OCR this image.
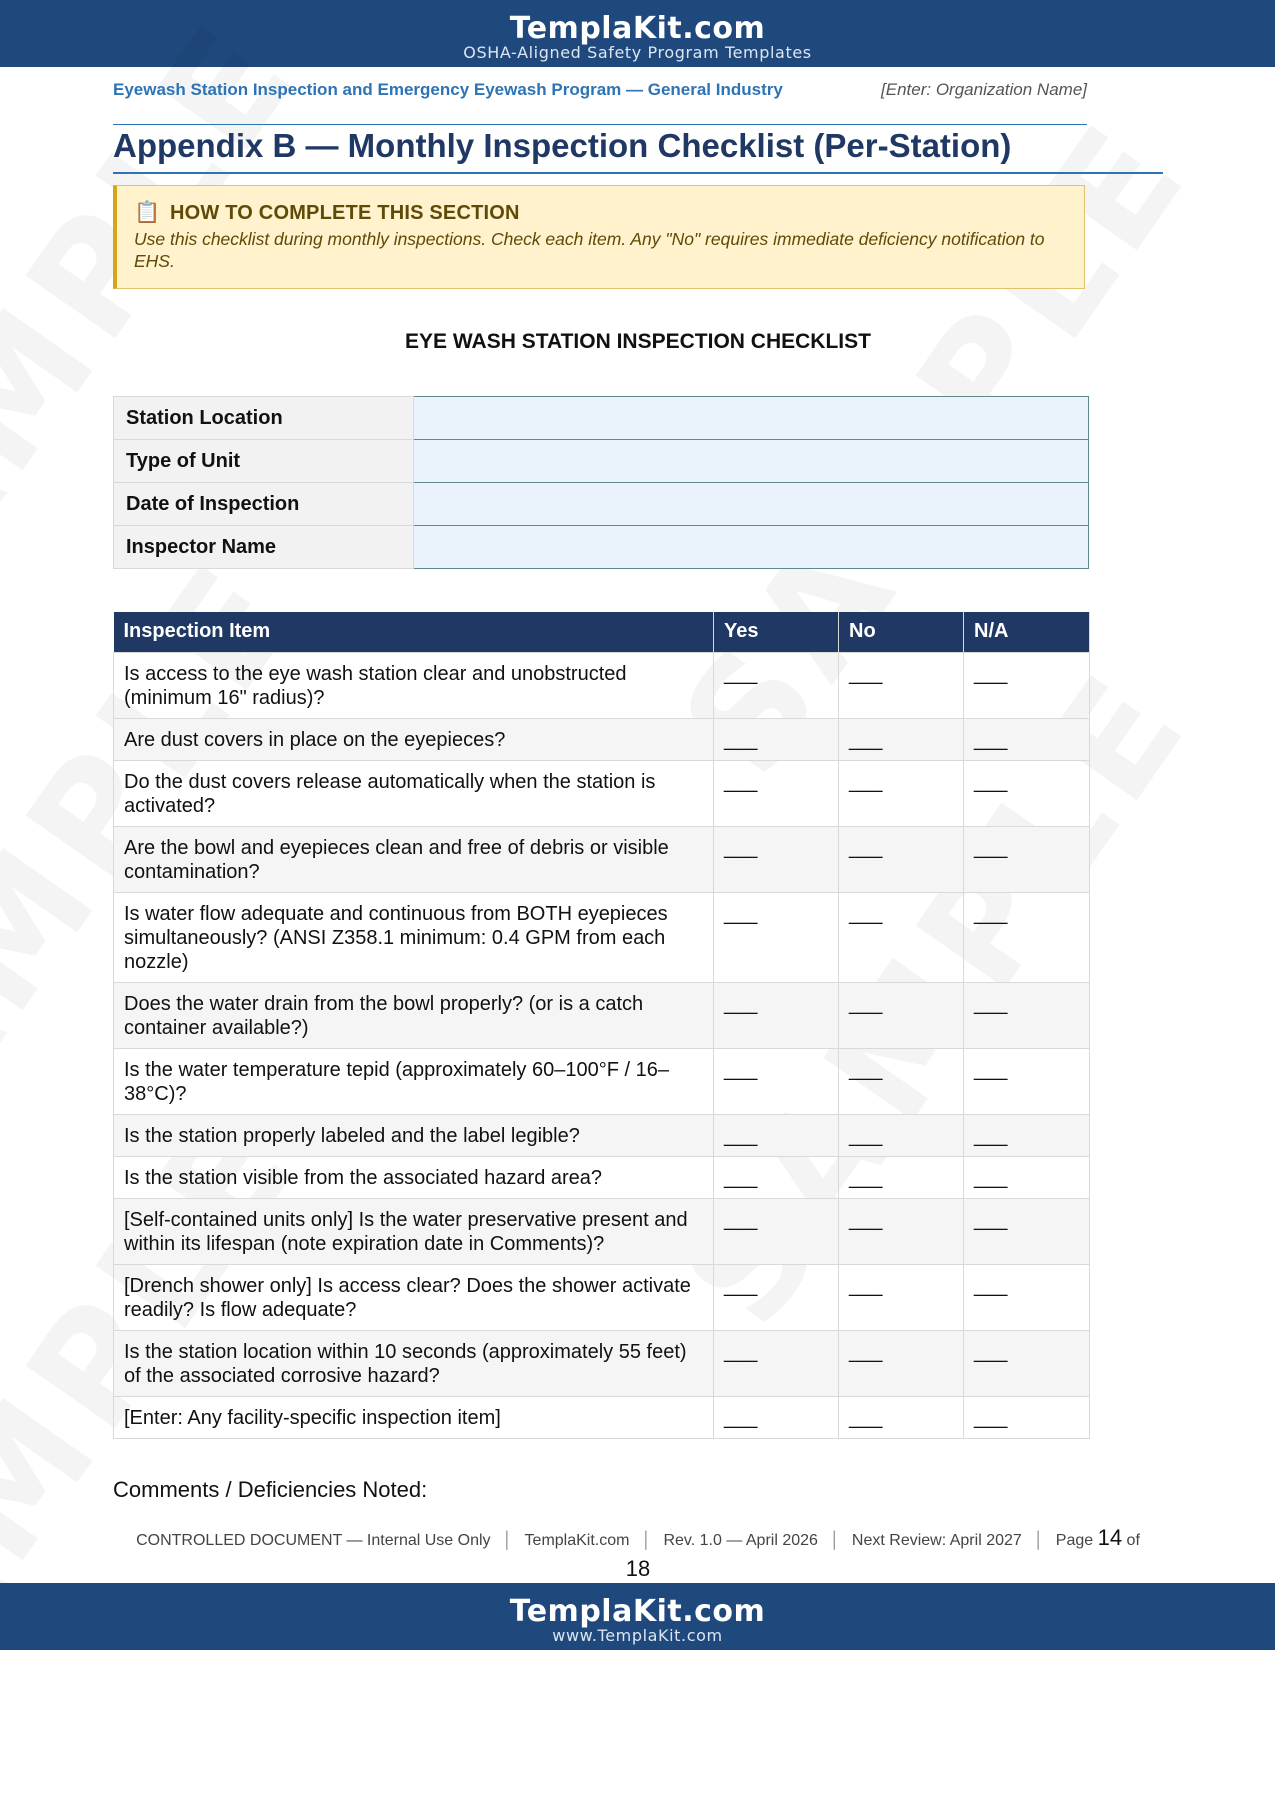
TemplaKit.com
OSHA-Aligned Safety Program Templates
Eyewash Station Inspection and Emergency Eyewash Program — General Industry	[Enter: Organization Name]
Appendix B — Monthly Inspection Checklist (Per-Station)
📋 HOW TO COMPLETE THIS SECTION
Use this checklist during monthly inspections. Check each item. Any "No" requires immediate deficiency notification to EHS.
EYE WASH STATION INSPECTION CHECKLIST
Station Location	
Type of Unit	
Date of Inspection	
Inspector Name	
Inspection Item	Yes	No	N/A
Is access to the eye wash station clear and unobstructed (minimum 16" radius)?	___	___	___
Are dust covers in place on the eyepieces?	___	___	___
Do the dust covers release automatically when the station is activated?	___	___	___
Are the bowl and eyepieces clean and free of debris or visible contamination?	___	___	___
Is water flow adequate and continuous from BOTH eyepieces simultaneously? (ANSI Z358.1 minimum: 0.4 GPM from each nozzle)	___	___	___
Does the water drain from the bowl properly? (or is a catch container available?)	___	___	___
Is the water temperature tepid (approximately 60–100°F / 16–38°C)?	___	___	___
Is the station properly labeled and the label legible?	___	___	___
Is the station visible from the associated hazard area?	___	___	___
[Self-contained units only] Is the water preservative present and within its lifespan (note expiration date in Comments)?	___	___	___
[Drench shower only] Is access clear? Does the shower activate readily? Is flow adequate?	___	___	___
Is the station location within 10 seconds (approximately 55 feet) of the associated corrosive hazard?	___	___	___
[Enter: Any facility-specific inspection item]	___	___	___
Comments / Deficiencies Noted:
CONTROLLED DOCUMENT — Internal Use Only │ TemplaKit.com │ Rev. 1.0 — April 2026 │ Next Review: April 2027 │ Page 14 of
18
TemplaKit.com
www.TemplaKit.com
